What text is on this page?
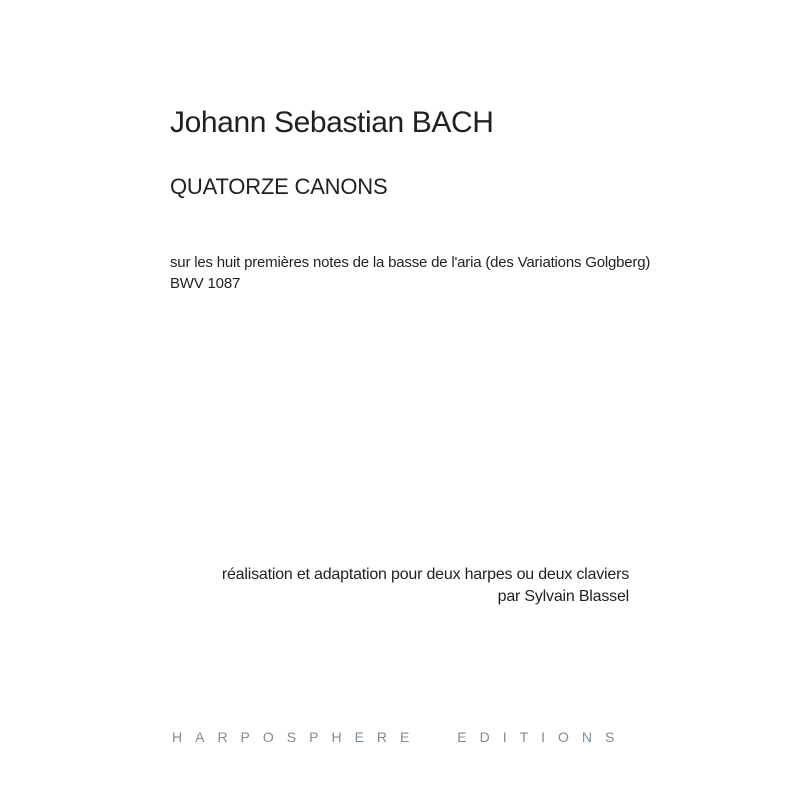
Johann Sebastian BACH
QUATORZE CANONS

sur les huit premières notes de la basse de l'aria (des Variations Golgberg)
BWV 1087

réalisation et adaptation pour deux harpes ou deux claviers
par Sylvain Blassel

HARPOSPHERE EDITIONS
